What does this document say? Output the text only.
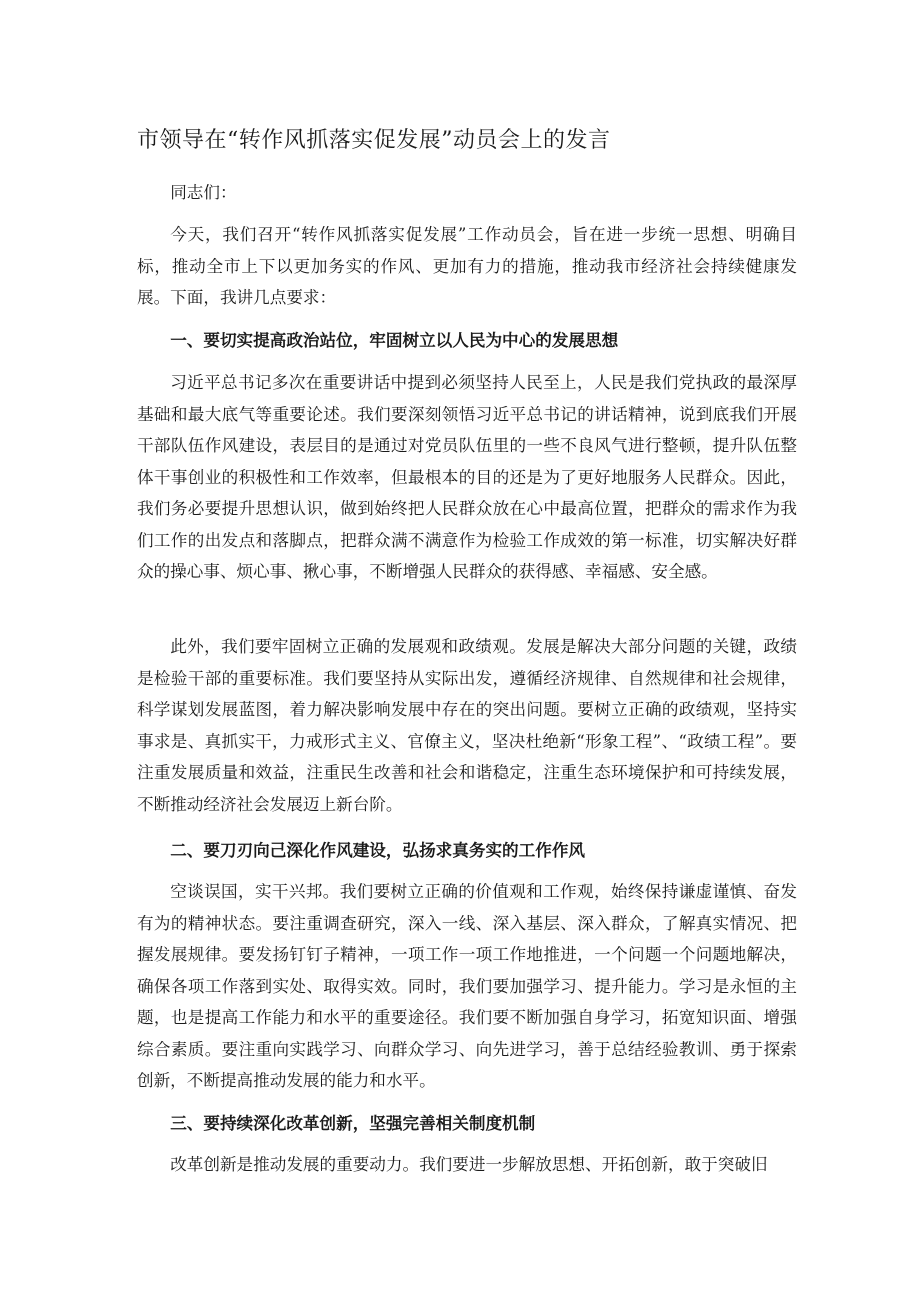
市领导在“转作风抓落实促发展”动员会上的发言

同志们：

今天，我们召开“转作风抓落实促发展”工作动员会，旨在进一步统一思想、明确目标，推动全市上下以更加务实的作风、更加有力的措施，推动我市经济社会持续健康发展。下面，我讲几点要求：

一、要切实提高政治站位，牢固树立以人民为中心的发展思想

习近平总书记多次在重要讲话中提到必须坚持人民至上，人民是我们党执政的最深厚基础和最大底气等重要论述。我们要深刻领悟习近平总书记的讲话精神，说到底我们开展干部队伍作风建设，表层目的是通过对党员队伍里的一些不良风气进行整顿，提升队伍整体干事创业的积极性和工作效率，但最根本的目的还是为了更好地服务人民群众。因此，我们务必要提升思想认识，做到始终把人民群众放在心中最高位置，把群众的需求作为我们工作的出发点和落脚点，把群众满不满意作为检验工作成效的第一标准，切实解决好群众的操心事、烦心事、揪心事，不断增强人民群众的获得感、幸福感、安全感。

此外，我们要牢固树立正确的发展观和政绩观。发展是解决大部分问题的关键，政绩是检验干部的重要标准。我们要坚持从实际出发，遵循经济规律、自然规律和社会规律，科学谋划发展蓝图，着力解决影响发展中存在的突出问题。要树立正确的政绩观，坚持实事求是、真抓实干，力戒形式主义、官僚主义，坚决杜绝新“形象工程”、“政绩工程”。要注重发展质量和效益，注重民生改善和社会和谐稳定，注重生态环境保护和可持续发展，不断推动经济社会发展迈上新台阶。

二、要刀刃向己深化作风建设，弘扬求真务实的工作作风

空谈误国，实干兴邦。我们要树立正确的价值观和工作观，始终保持谦虚谨慎、奋发有为的精神状态。要注重调查研究，深入一线、深入基层、深入群众，了解真实情况、把握发展规律。要发扬钉钉子精神，一项工作一项工作地推进，一个问题一个问题地解决，确保各项工作落到实处、取得实效。同时，我们要加强学习、提升能力。学习是永恒的主题，也是提高工作能力和水平的重要途径。我们要不断加强自身学习，拓宽知识面、增强综合素质。要注重向实践学习、向群众学习、向先进学习，善于总结经验教训、勇于探索创新，不断提高推动发展的能力和水平。

三、要持续深化改革创新，坚强完善相关制度机制

改革创新是推动发展的重要动力。我们要进一步解放思想、开拓创新，敢于突破旧
